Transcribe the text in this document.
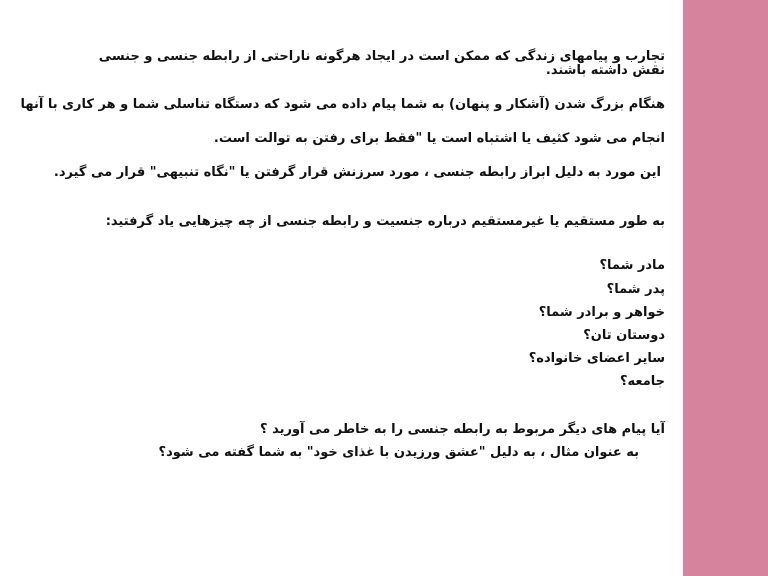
تجارب و پیامهای زندگی که ممکن است در ایجاد هرگونه ناراحتی از رابطه جنسی و جنسی نقش داشته باشند.

هنگام بزرگ شدن (آشکار و پنهان) به شما پیام داده می شود که دستگاه تناسلی شما و هر کاری با آنها

انجام می شود کثیف یا اشتباه است یا "فقط برای رفتن به توالت است.

این مورد به دلیل ابراز رابطه جنسی ، مورد سرزنش قرار گرفتن یا "نگاه تنبیهی" قرار می گیرد.

به طور مستقیم یا غیرمستقیم درباره جنسیت و رابطه جنسی از چه چیزهایی یاد گرفتید:

مادر شما؟

پدر شما؟

خواهر و برادر شما؟

دوستان تان؟

سایر اعضای خانواده؟

جامعه؟

آیا پیام های دیگر مربوط به رابطه جنسی را به خاطر می آورید ؟

به عنوان مثال ، به دلیل "عشق ورزیدن با غذای خود" به شما گفته می شود؟
